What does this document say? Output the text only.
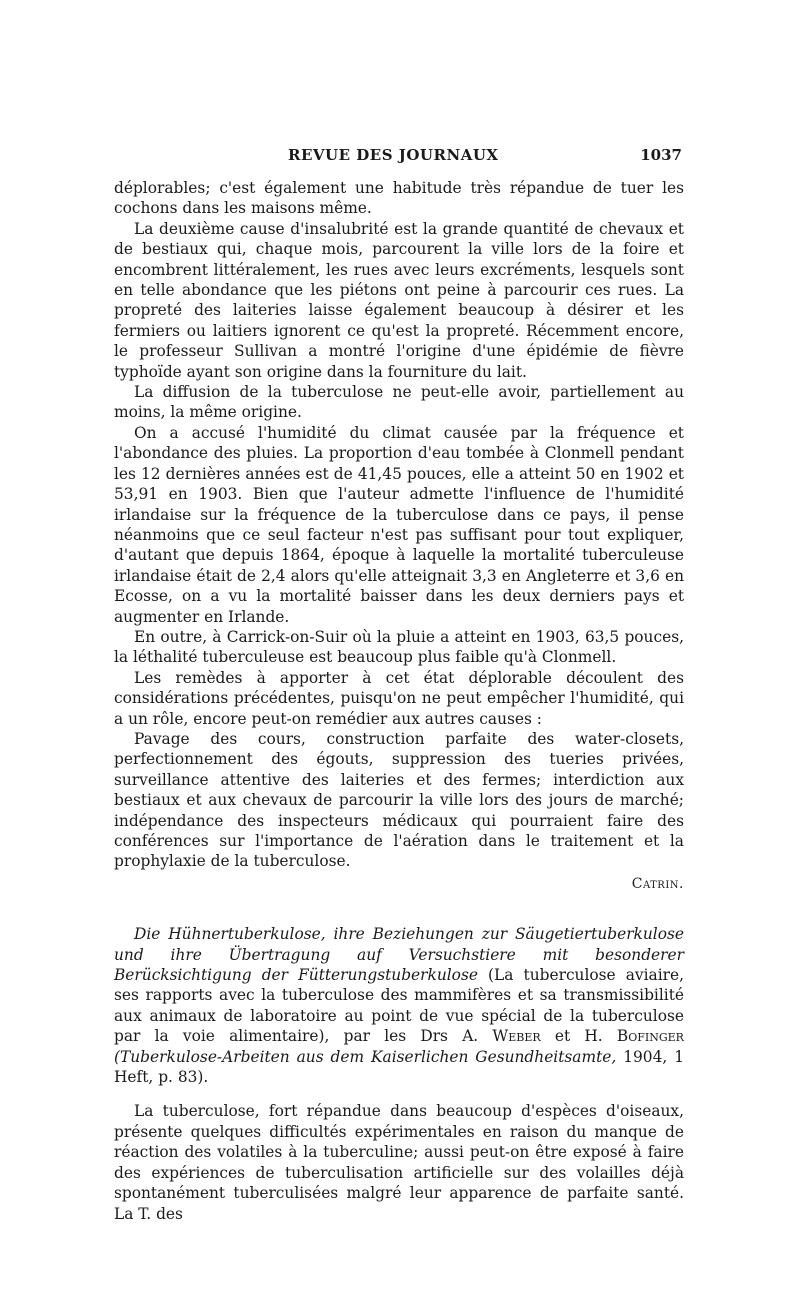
REVUE DES JOURNAUX	1037

déplorables; c'est également une habitude très répandue de tuer les cochons dans les maisons même.

La deuxième cause d'insalubrité est la grande quantité de chevaux et de bestiaux qui, chaque mois, parcourent la ville lors de la foire et encombrent littéralement, les rues avec leurs excréments, lesquels sont en telle abondance que les piétons ont peine à parcourir ces rues. La propreté des laiteries laisse également beaucoup à désirer et les fermiers ou laitiers ignorent ce qu'est la propreté. Récemment encore, le professeur Sullivan a montré l'origine d'une épidémie de fièvre typhoïde ayant son origine dans la fourniture du lait.

La diffusion de la tuberculose ne peut-elle avoir, partiellement au moins, la même origine.

On a accusé l'humidité du climat causée par la fréquence et l'abondance des pluies. La proportion d'eau tombée à Clonmell pendant les 12 dernières années est de 41,45 pouces, elle a atteint 50 en 1902 et 53,91 en 1903. Bien que l'auteur admette l'influence de l'humidité irlandaise sur la fréquence de la tuberculose dans ce pays, il pense néanmoins que ce seul facteur n'est pas suffisant pour tout expliquer, d'autant que depuis 1864, époque à laquelle la mortalité tuberculeuse irlandaise était de 2,4 alors qu'elle atteignait 3,3 en Angleterre et 3,6 en Ecosse, on a vu la mortalité baisser dans les deux derniers pays et augmenter en Irlande.

En outre, à Carrick-on-Suir où la pluie a atteint en 1903, 63,5 pouces, la léthalité tuberculeuse est beaucoup plus faible qu'à Clonmell.

Les remèdes à apporter à cet état déplorable découlent des considérations précédentes, puisqu'on ne peut empêcher l'humidité, qui a un rôle, encore peut-on remédier aux autres causes :

Pavage des cours, construction parfaite des water-closets, perfectionnement des égouts, suppression des tueries privées, surveillance attentive des laiteries et des fermes; interdiction aux bestiaux et aux chevaux de parcourir la ville lors des jours de marché; indépendance des inspecteurs médicaux qui pourraient faire des conférences sur l'importance de l'aération dans le traitement et la prophylaxie de la tuberculose.

Catrin.

Die Hühnertuberkulose, ihre Beziehungen zur Säugetiertuberkulose und ihre Übertragung auf Versuchstiere mit besonderer Berücksichtigung der Fütterungstuberkulose (La tuberculose aviaire, ses rapports avec la tuberculose des mammifères et sa transmissibilité aux animaux de laboratoire au point de vue spécial de la tuberculose par la voie alimentaire), par les Drs A. Weber et H. Bofinger (Tuberkulose-Arbeiten aus dem Kaiserlichen Gesundheitsamte, 1904, 1 Heft, p. 83).

La tuberculose, fort répandue dans beaucoup d'espèces d'oiseaux, présente quelques difficultés expérimentales en raison du manque de réaction des volatiles à la tuberculine; aussi peut-on être exposé à faire des expériences de tuberculisation artificielle sur des volailles déjà spontanément tuberculisées malgré leur apparence de parfaite santé. La T. des
